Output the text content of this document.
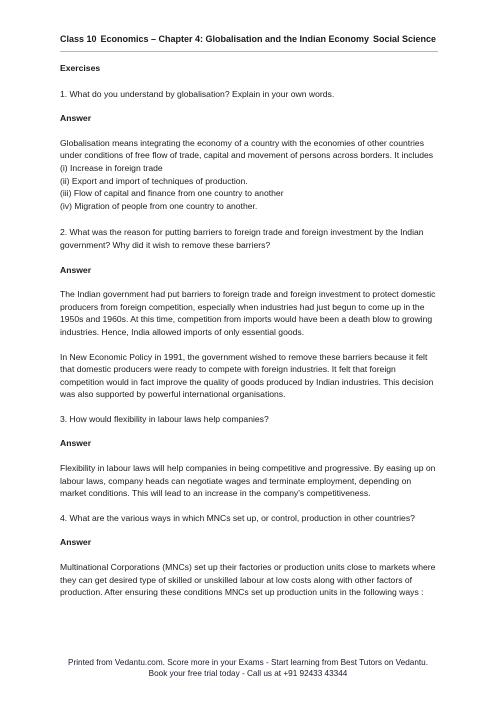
Class 10 Economics – Chapter 4: Globalisation and the Indian Economy Social Science
Exercises
1. What do you understand by globalisation? Explain in your own words.
Answer
Globalisation means integrating the economy of a country with the economies of other countries under conditions of free flow of trade, capital and movement of persons across borders. It includes
(i) Increase in foreign trade
(ii) Export and import of techniques of production.
(iii) Flow of capital and finance from one country to another
(iv) Migration of people from one country to another.
2. What was the reason for putting barriers to foreign trade and foreign investment by the Indian government? Why did it wish to remove these barriers?
Answer
The Indian government had put barriers to foreign trade and foreign investment to protect domestic producers from foreign competition, especially when industries had just begun to come up in the 1950s and 1960s. At this time, competition from imports would have been a death blow to growing industries. Hence, India allowed imports of only essential goods.
In New Economic Policy in 1991, the government wished to remove these barriers because it felt that domestic producers were ready to compete with foreign industries. It felt that foreign competition would in fact improve the quality of goods produced by Indian industries. This decision was also supported by powerful international organisations.
3. How would flexibility in labour laws help companies?
Answer
Flexibility in labour laws will help companies in being competitive and progressive. By easing up on labour laws, company heads can negotiate wages and terminate employment, depending on market conditions. This will lead to an increase in the company's competitiveness.
4. What are the various ways in which MNCs set up, or control, production in other countries?
Answer
Multinational Corporations (MNCs) set up their factories or production units close to markets where they can get desired type of skilled or unskilled labour at low costs along with other factors of production. After ensuring these conditions MNCs set up production units in the following ways :
Printed from Vedantu.com. Score more in your Exams - Start learning from Best Tutors on Vedantu.
Book your free trial today - Call us at +91 92433 43344
